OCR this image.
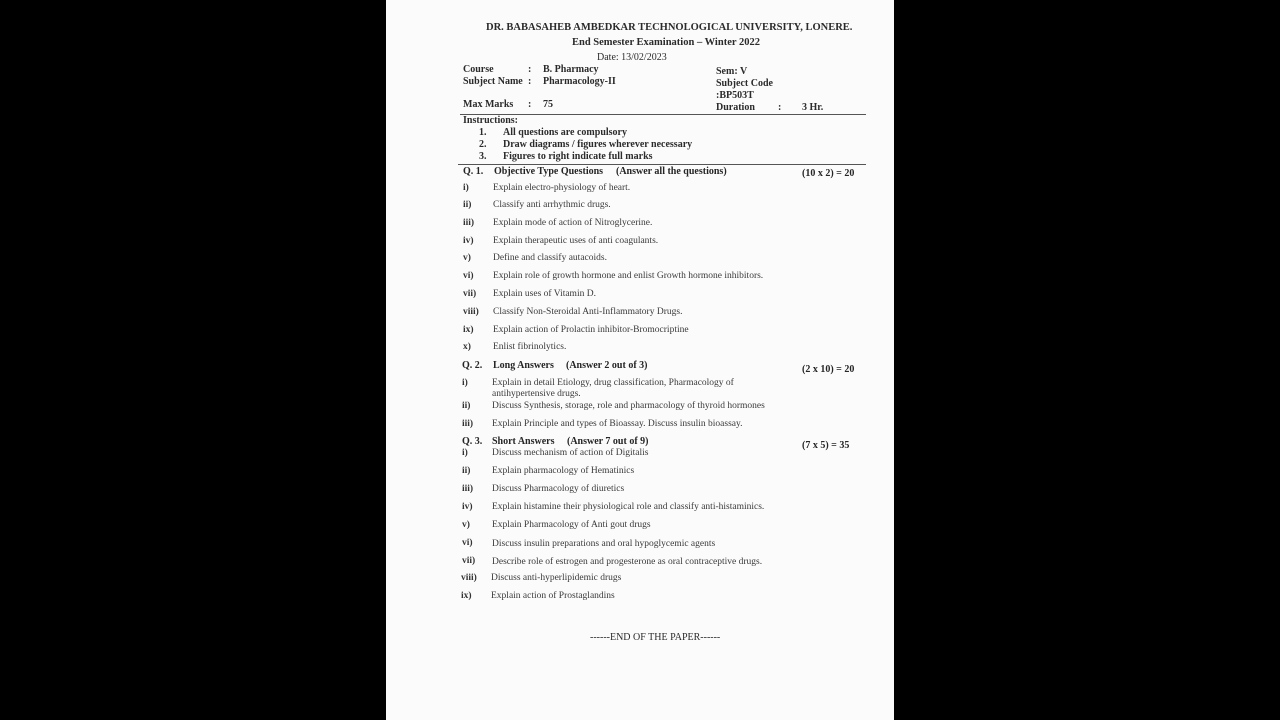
DR. BABASAHEB AMBEDKAR TECHNOLOGICAL UNIVERSITY, LONERE.
End Semester Examination – Winter 2022
Date: 13/02/2023
Course	: B. Pharmacy
Subject Name : Pharmacology-II
Sem: V
Subject Code
:BP503T
Max Marks : 75	Duration : 3 Hr.
Instructions:
1. All questions are compulsory
2. Draw diagrams / figures wherever necessary
3. Figures to right indicate full marks
Q. 1. Objective Type Questions (Answer all the questions)	(10 x 2) = 20
i)	Explain electro-physiology of heart.
ii) Classify anti arrhythmic drugs.
iii) Explain mode of action of Nitroglycerine.
iv) Explain therapeutic uses of anti coagulants.
v) Define and classify autacoids.
vi) Explain role of growth hormone and enlist Growth hormone inhibitors.
vii) Explain uses of Vitamin D.
viii) Classify Non-Steroidal Anti-Inflammatory Drugs.
ix) Explain action of Prolactin inhibitor-Bromocriptine
x) Enlist fibrinolytics.
Q. 2. Long Answers (Answer 2 out of 3)	(2 x 10) = 20
i)	Explain in detail Etiology, drug classification, Pharmacology of
antihypertensive drugs.
ii) Discuss Synthesis, storage, role and pharmacology of thyroid hormones
iii) Explain Principle and types of Bioassay. Discuss insulin bioassay.
Q. 3. Short Answers (Answer 7 out of 9)	(7 x 5) = 35
i)	Discuss mechanism of action of Digitalis
ii) Explain pharmacology of Hematinics
iii) Discuss Pharmacology of diuretics
iv) Explain histamine their physiological role and classify anti-histaminics.
v) Explain Pharmacology of Anti gout drugs
vi) Discuss insulin preparations and oral hypoglycemic agents
vii) Describe role of estrogen and progesterone as oral contraceptive drugs.
viii) Discuss anti-hyperlipidemic drugs
ix) Explain action of Prostaglandins
------END OF THE PAPER------
